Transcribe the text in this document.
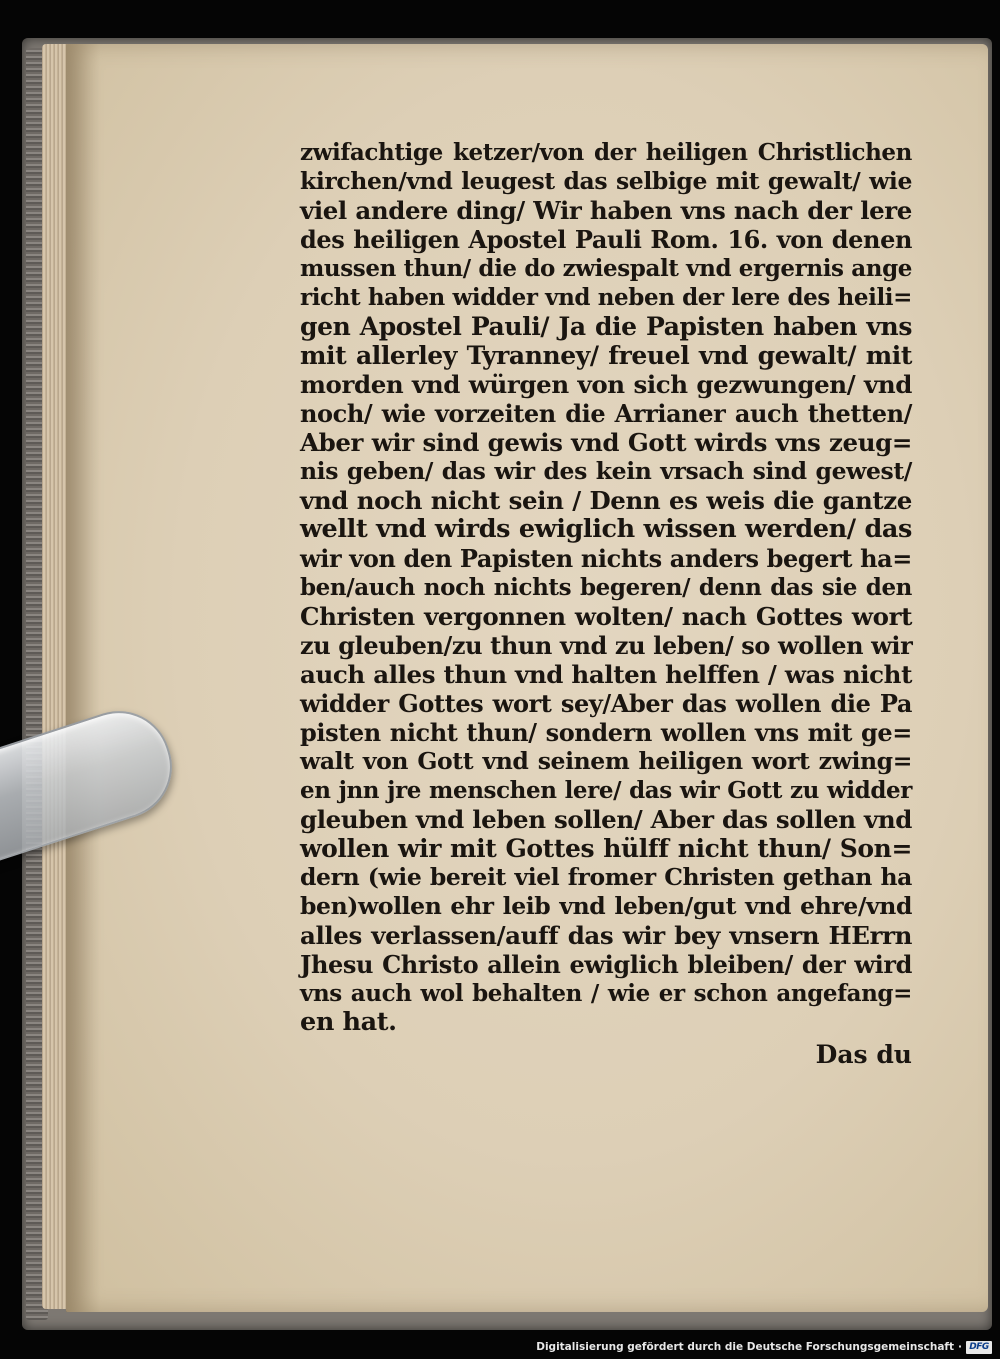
zwifachtige ketzer/von der heiligen Christlichen
kirchen/vnd leugest das selbige mit gewalt/ wie
viel andere ding/ Wir haben vns nach der lere
des heiligen Apostel Pauli Rom. 16. von denen
mussen thun/ die do zwiespalt vnd ergernis ange
richt haben widder vnd neben der lere des heili=
gen Apostel Pauli/ Ja die Papisten haben vns
mit allerley Tyranney/ freuel vnd gewalt/ mit
morden vnd würgen von sich gezwungen/ vnd
noch/ wie vorzeiten die Arrianer auch thetten/
Aber wir sind gewis vnd Gott wirds vns zeug=
nis geben/ das wir des kein vrsach sind gewest/
vnd noch nicht sein / Denn es weis die gantze
wellt vnd wirds ewiglich wissen werden/ das
wir von den Papisten nichts anders begert ha=
ben/auch noch nichts begeren/ denn das sie den
Christen vergonnen wolten/ nach Gottes wort
zu gleuben/zu thun vnd zu leben/ so wollen wir
auch alles thun vnd halten helffen / was nicht
widder Gottes wort sey/Aber das wollen die Pa
pisten nicht thun/ sondern wollen vns mit ge=
walt von Gott vnd seinem heiligen wort zwing=
en jnn jre menschen lere/ das wir Gott zu widder
gleuben vnd leben sollen/ Aber das sollen vnd
wollen wir mit Gottes hülff nicht thun/ Son=
dern (wie bereit viel fromer Christen gethan ha
ben)wollen ehr leib vnd leben/gut vnd ehre/vnd
alles verlassen/auff das wir bey vnsern HErrn
Jhesu Christo allein ewiglich bleiben/ der wird
vns auch wol behalten / wie er schon angefang=
en hat.
Das du
Digitalisierung gefördert durch die Deutsche Forschungsgemeinschaft · DFG
